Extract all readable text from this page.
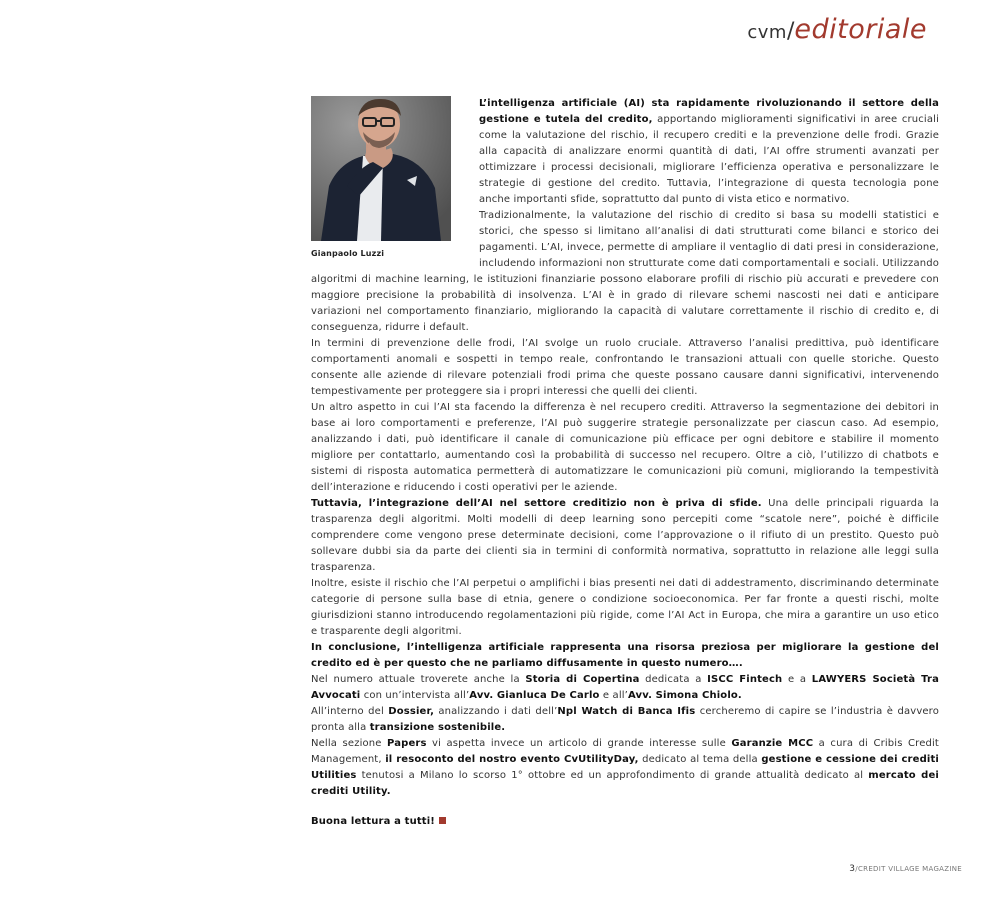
cvm/editoriale
Gianpaolo Luzzi

L’intelligenza artificiale (AI) sta rapidamente rivoluzionando il settore della gestione e tutela del credito, apportando miglioramenti significativi in aree cruciali come la valutazione del rischio, il recupero crediti e la prevenzione delle frodi. Grazie alla capacità di analizzare enormi quantità di dati, l’AI offre strumenti avanzati per ottimizzare i processi decisionali, migliorare l’efficienza operativa e personalizzare le strategie di gestione del credito. Tuttavia, l’integrazione di questa tecnologia pone anche importanti sfide, soprattutto dal punto di vista etico e normativo.

Tradizionalmente, la valutazione del rischio di credito si basa su modelli statistici e storici, che spesso si limitano all’analisi di dati strutturati come bilanci e storico dei pagamenti. L’AI, invece, permette di ampliare il ventaglio di dati presi in considerazione, includendo informazioni non strutturate come dati comportamentali e sociali. Utilizzando algoritmi di machine learning, le istituzioni finanziarie possono elaborare profili di rischio più accurati e prevedere con maggiore precisione la probabilità di insolvenza. L’AI è in grado di rilevare schemi nascosti nei dati e anticipare variazioni nel comportamento finanziario, migliorando la capacità di valutare correttamente il rischio di credito e, di conseguenza, ridurre i default.

In termini di prevenzione delle frodi, l’AI svolge un ruolo cruciale. Attraverso l’analisi predittiva, può identificare comportamenti anomali e sospetti in tempo reale, confrontando le transazioni attuali con quelle storiche. Questo consente alle aziende di rilevare potenziali frodi prima che queste possano causare danni significativi, intervenendo tempestivamente per proteggere sia i propri interessi che quelli dei clienti.

Un altro aspetto in cui l’AI sta facendo la differenza è nel recupero crediti. Attraverso la segmentazione dei debitori in base ai loro comportamenti e preferenze, l’AI può suggerire strategie personalizzate per ciascun caso. Ad esempio, analizzando i dati, può identificare il canale di comunicazione più efficace per ogni debitore e stabilire il momento migliore per contattarlo, aumentando così la probabilità di successo nel recupero. Oltre a ciò, l’utilizzo di chatbots e sistemi di risposta automatica permetterà di automatizzare le comunicazioni più comuni, migliorando la tempestività dell’interazione e riducendo i costi operativi per le aziende.

Tuttavia, l’integrazione dell’AI nel settore creditizio non è priva di sfide. Una delle principali riguarda la trasparenza degli algoritmi. Molti modelli di deep learning sono percepiti come “scatole nere”, poiché è difficile comprendere come vengono prese determinate decisioni, come l’approvazione o il rifiuto di un prestito. Questo può sollevare dubbi sia da parte dei clienti sia in termini di conformità normativa, soprattutto in relazione alle leggi sulla trasparenza.

Inoltre, esiste il rischio che l’AI perpetui o amplifichi i bias presenti nei dati di addestramento, discriminando determinate categorie di persone sulla base di etnia, genere o condizione socioeconomica. Per far fronte a questi rischi, molte giurisdizioni stanno introducendo regolamentazioni più rigide, come l’AI Act in Europa, che mira a garantire un uso etico e trasparente degli algoritmi.

In conclusione, l’intelligenza artificiale rappresenta una risorsa preziosa per migliorare la gestione del credito ed è per questo che ne parliamo diffusamente in questo numero….

Nel numero attuale troverete anche la Storia di Copertina dedicata a ISCC Fintech e a LAWYERS Società Tra Avvocati con un’intervista all’Avv. Gianluca De Carlo e all’Avv. Simona Chiolo.

All’interno del Dossier, analizzando i dati dell’Npl Watch di Banca Ifis cercheremo di capire se l’industria è davvero pronta alla transizione sostenibile.

Nella sezione Papers vi aspetta invece un articolo di grande interesse sulle Garanzie MCC a cura di Cribis Credit Management, il resoconto del nostro evento CvUtilityDay, dedicato al tema della gestione e cessione dei crediti Utilities tenutosi a Milano lo scorso 1° ottobre ed un approfondimento di grande attualità dedicato al mercato dei crediti Utility.

Buona lettura a tutti!

3/CREDIT VILLAGE MAGAZINE
